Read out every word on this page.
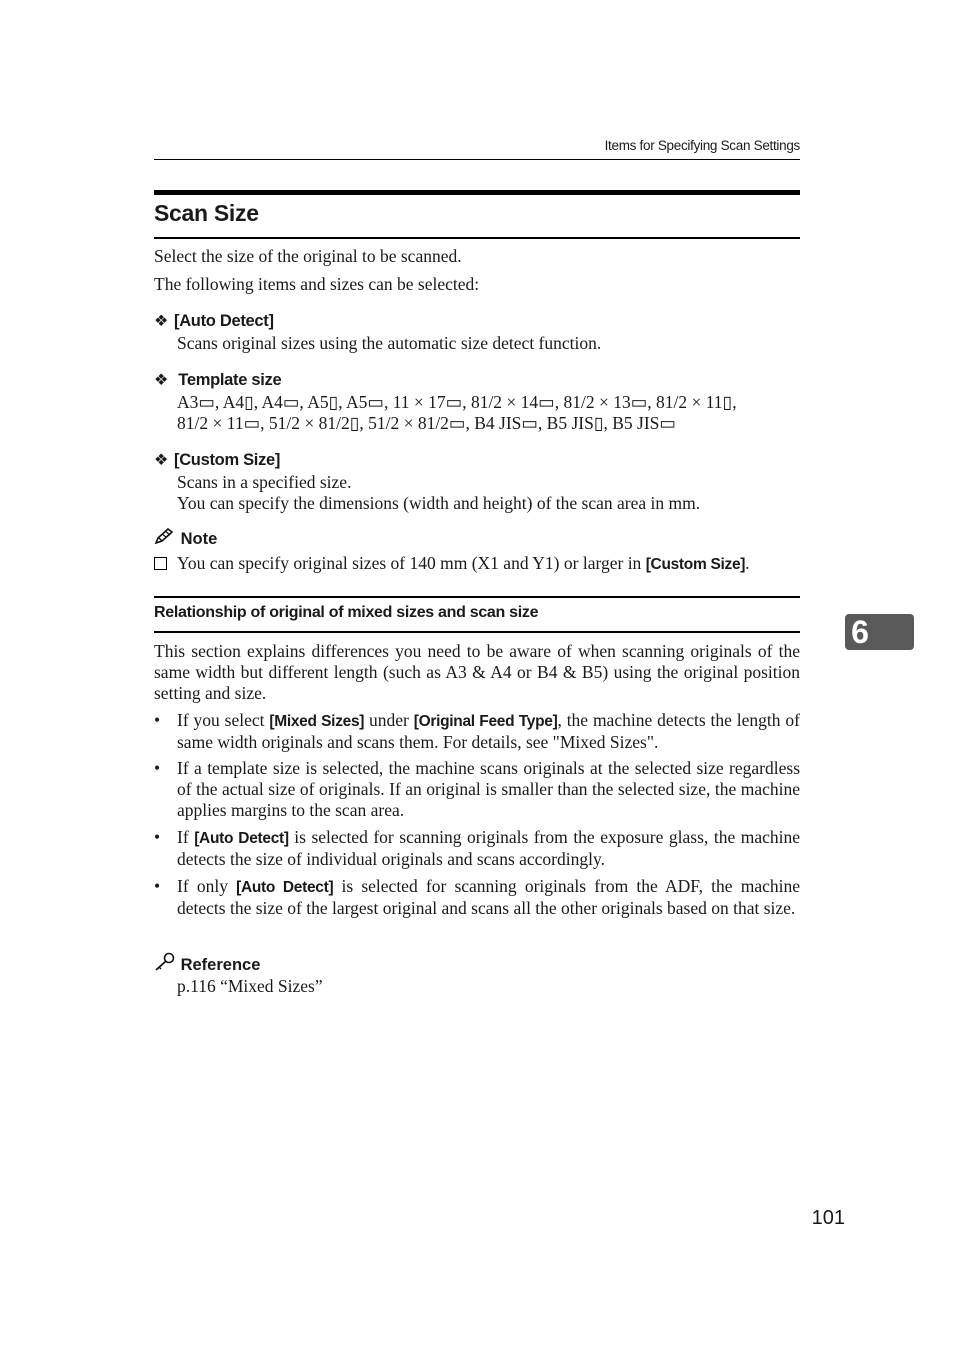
Items for Specifying Scan Settings
Scan Size
Select the size of the original to be scanned.
The following items and sizes can be selected:
❖ [Auto Detect]
Scans original sizes using the automatic size detect function.
❖ Template size
A3▭, A4▯, A4▭, A5▯, A5▭, 11 × 17▭, 81/2 × 14▭, 81/2 × 13▭, 81/2 × 11▯,
81/2 × 11▭, 51/2 × 81/2▯, 51/2 × 81/2▭, B4 JIS▭, B5 JIS▯, B5 JIS▭
❖ [Custom Size]
Scans in a specified size.
You can specify the dimensions (width and height) of the scan area in mm.
Note
You can specify original sizes of 140 mm (X1 and Y1) or larger in [Custom Size].
Relationship of original of mixed sizes and scan size
This section explains differences you need to be aware of when scanning originals of the same width but different length (such as A3 & A4 or B4 & B5) using the original position setting and size.
• If you select [Mixed Sizes] under [Original Feed Type], the machine detects the length of same width originals and scans them. For details, see "Mixed Sizes".
• If a template size is selected, the machine scans originals at the selected size regardless of the actual size of originals. If an original is smaller than the selected size, the machine applies margins to the scan area.
• If [Auto Detect] is selected for scanning originals from the exposure glass, the machine detects the size of individual originals and scans accordingly.
• If only [Auto Detect] is selected for scanning originals from the ADF, the machine detects the size of the largest original and scans all the other originals based on that size.
Reference
p.116 “Mixed Sizes”
6
101
